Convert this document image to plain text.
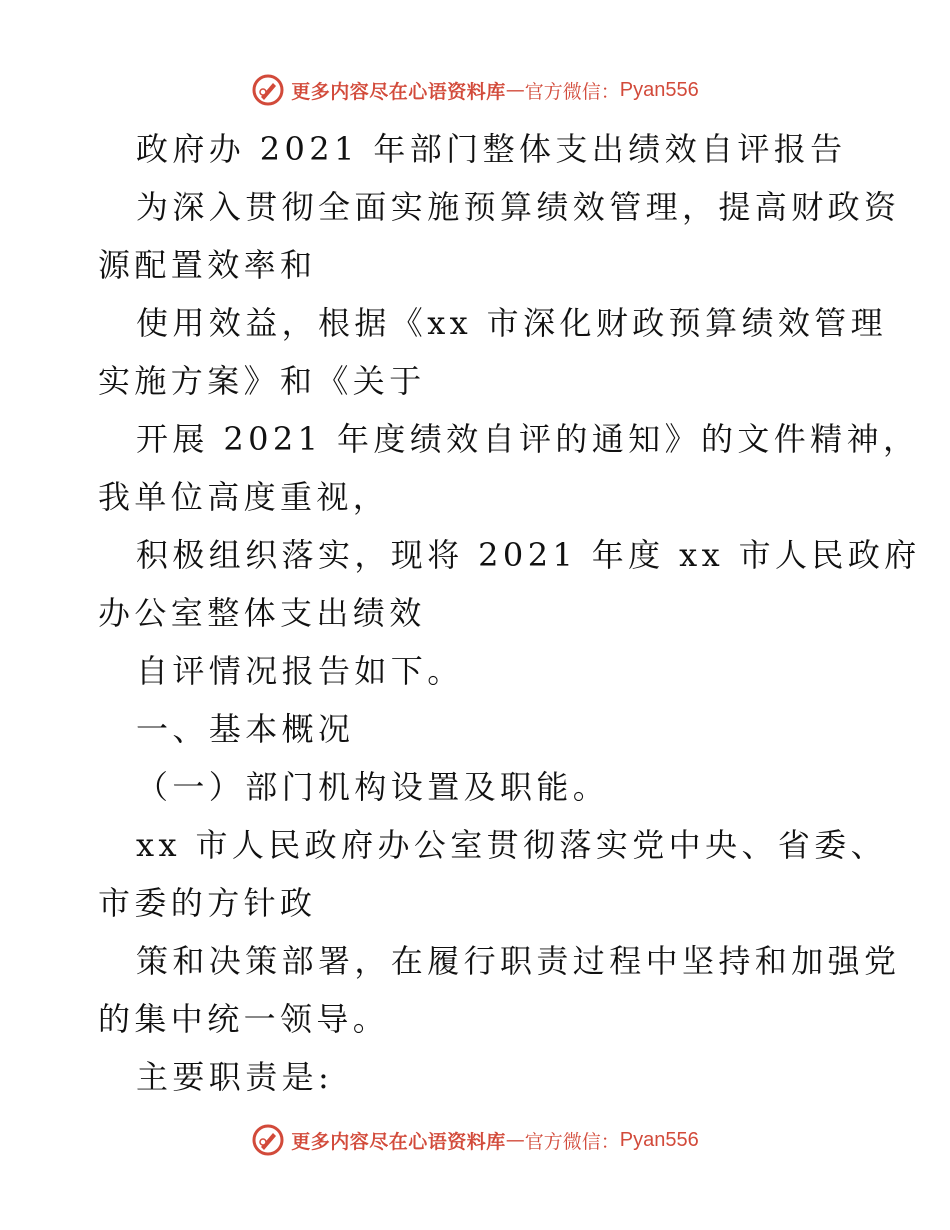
更多内容尽在心语资料库 — 官方微信： Pyan556
政府办 2021 年部门整体支出绩效自评报告
为深入贯彻全面实施预算绩效管理，提高财政资
源配置效率和
使用效益，根据《xx 市深化财政预算绩效管理
实施方案》和《关于
开展 2021 年度绩效自评的通知》的文件精神，
我单位高度重视，
积极组织落实，现将 2021 年度 xx 市人民政府
办公室整体支出绩效
自评情况报告如下。
一、基本概况
（一）部门机构设置及职能。
xx 市人民政府办公室贯彻落实党中央、省委、
市委的方针政
策和决策部署，在履行职责过程中坚持和加强党
的集中统一领导。
主要职责是:
更多内容尽在心语资料库 — 官方微信： Pyan556
